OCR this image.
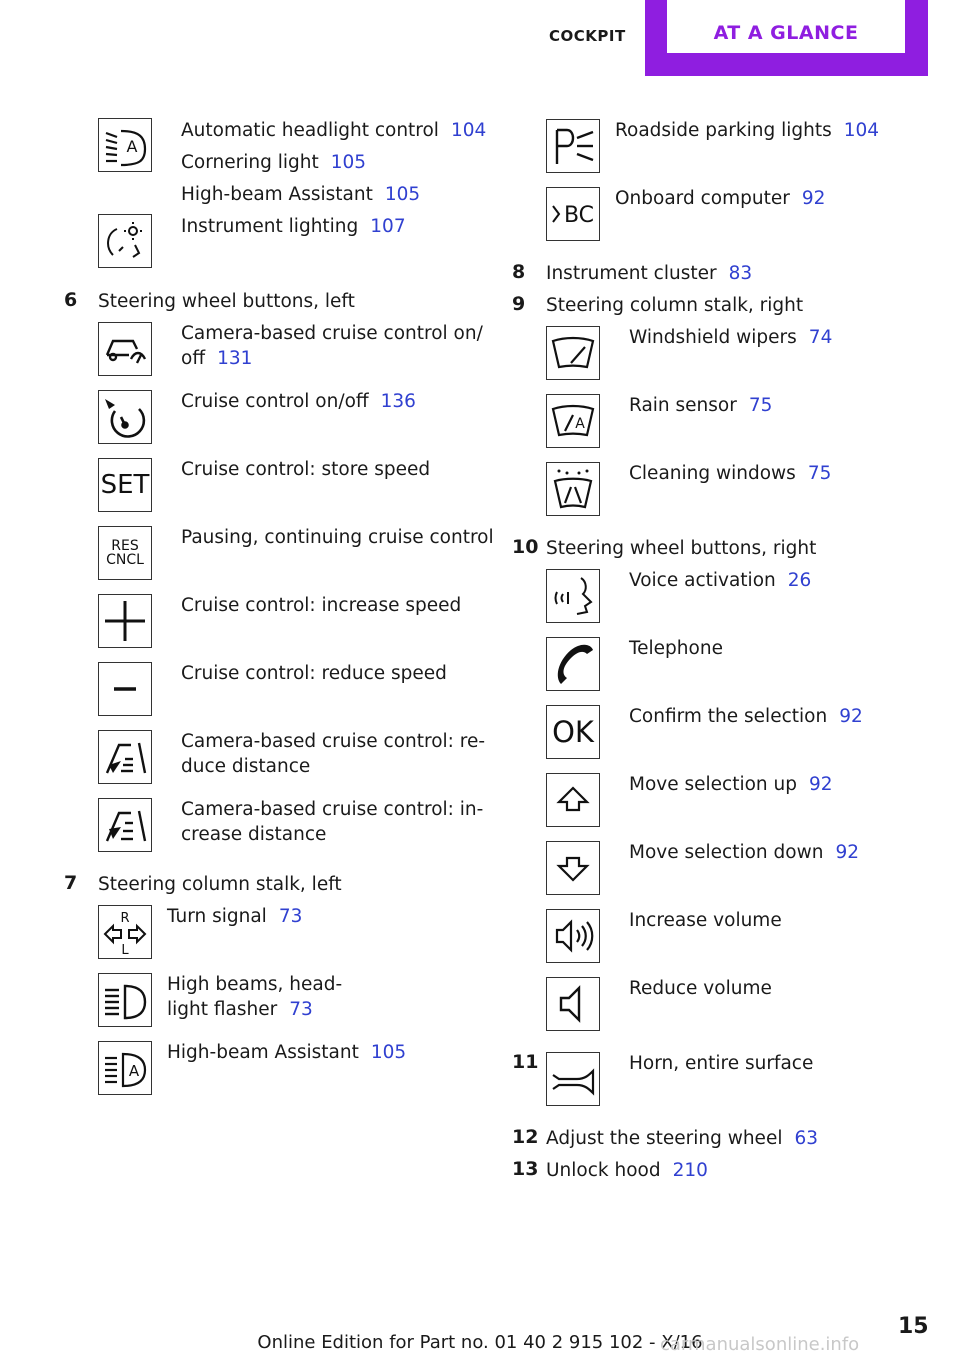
COCKPIT	AT A GLANCE
A
Automatic headlight control 104
Cornering light 105
High-beam Assistant 105
Instrument lighting 107
6 Steering wheel buttons, left
Camera-based cruise control on/
off 131
Cruise control on/off 136
SET
Cruise control: store speed
RES
CNCL
Pausing, continuing cruise control
Cruise control: increase speed
Cruise control: reduce speed
Camera-based cruise control: re-
duce distance
Camera-based cruise control: in-
crease distance
7 Steering column stalk, left
R
L
Turn signal 73
High beams, head-
light flasher 73
A
High-beam Assistant 105
Roadside parking lights 104
BC
Onboard computer 92
8 Instrument cluster 83
9 Steering column stalk, right
Windshield wipers 74
A
Rain sensor 75
Cleaning windows 75
10 Steering wheel buttons, right
Voice activation 26
Telephone
OK Confirm the selection 92
Move selection up 92
Move selection down 92
Increase volume
Reduce volume
11	Horn, entire surface
12 Adjust the steering wheel 63
13 Unlock hood 210
15
Online Edition for Part no. 01 40 2 915 102 - X/16
carmanualsonline.info
